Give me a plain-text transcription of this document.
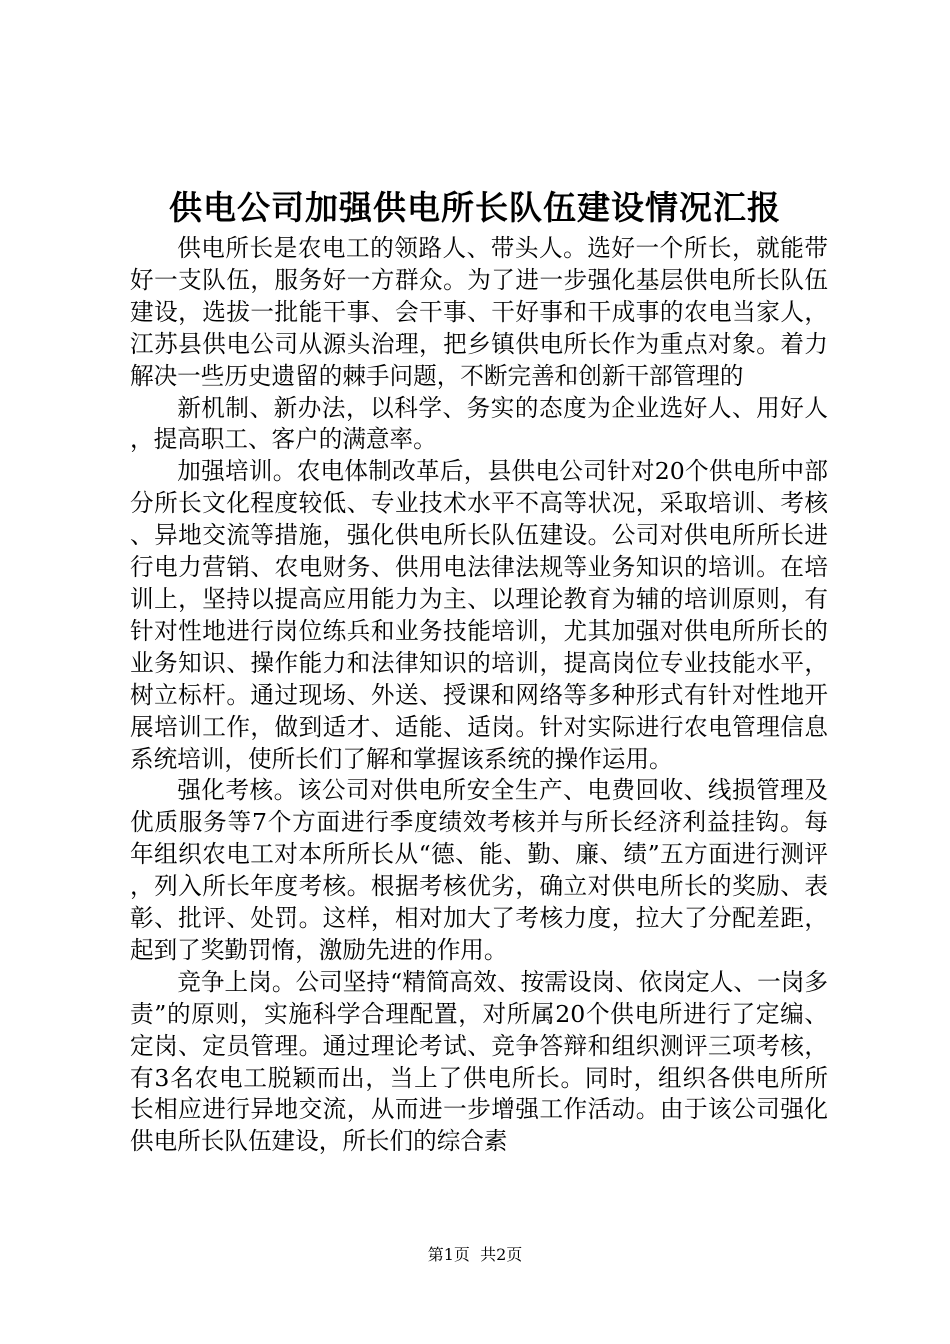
供电公司加强供电所长队伍建设情况汇报

供电所长是农电工的领路人、带头人。选好一个所长，就能带好一支队伍，服务好一方群众。为了进一步强化基层供电所长队伍建设，选拔一批能干事、会干事、干好事和干成事的农电当家人，江苏县供电公司从源头治理，把乡镇供电所长作为重点对象。着力解决一些历史遗留的棘手问题，不断完善和创新干部管理的

新机制、新办法，以科学、务实的态度为企业选好人、用好人，提高职工、客户的满意率。

加强培训。农电体制改革后，县供电公司针对20个供电所中部分所长文化程度较低、专业技术水平不高等状况，采取培训、考核、异地交流等措施，强化供电所长队伍建设。公司对供电所所长进行电力营销、农电财务、供用电法律法规等业务知识的培训。在培训上，坚持以提高应用能力为主、以理论教育为辅的培训原则，有针对性地进行岗位练兵和业务技能培训，尤其加强对供电所所长的业务知识、操作能力和法律知识的培训，提高岗位专业技能水平，树立标杆。通过现场、外送、授课和网络等多种形式有针对性地开展培训工作，做到适才、适能、适岗。针对实际进行农电管理信息系统培训，使所长们了解和掌握该系统的操作运用。

强化考核。该公司对供电所安全生产、电费回收、线损管理及优质服务等7个方面进行季度绩效考核并与所长经济利益挂钩。每年组织农电工对本所所长从“德、能、勤、廉、绩”五方面进行测评，列入所长年度考核。根据考核优劣，确立对供电所长的奖励、表彰、批评、处罚。这样，相对加大了考核力度，拉大了分配差距，起到了奖勤罚惰，激励先进的作用。

竞争上岗。公司坚持“精简高效、按需设岗、依岗定人、一岗多责”的原则，实施科学合理配置，对所属20个供电所进行了定编、定岗、定员管理。通过理论考试、竞争答辩和组织测评三项考核，有3名农电工脱颖而出，当上了供电所长。同时，组织各供电所所长相应进行异地交流，从而进一步增强工作活动。由于该公司强化供电所长队伍建设，所长们的综合素

第1页 共2页
